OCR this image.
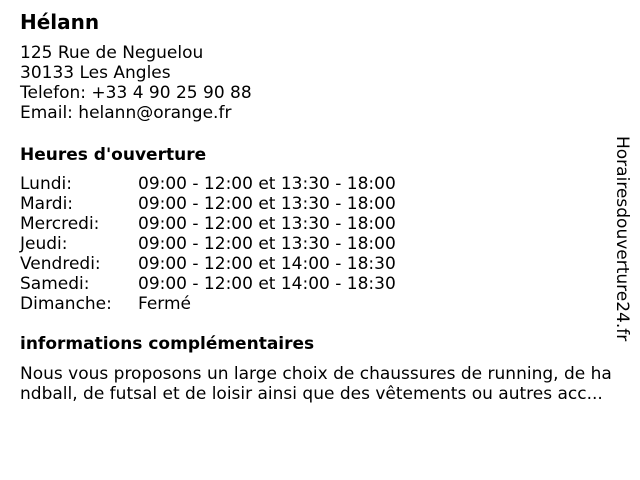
Hélann
125 Rue de Neguelou
30133 Les Angles
Telefon: +33 4 90 25 90 88
Email: helann@orange.fr
Heures d'ouverture
Lundi:	09:00 - 12:00 et 13:30 - 18:00
Mardi:	09:00 - 12:00 et 13:30 - 18:00
Mercredi: 09:00 - 12:00 et 13:30 - 18:00
Jeudi:	09:00 - 12:00 et 13:30 - 18:00
Vendredi: 09:00 - 12:00 et 14:00 - 18:30
Samedi:	09:00 - 12:00 et 14:00 - 18:30
Dimanche: Fermé
informations complémentaires
Nous vous proposons un large choix de chaussures de running, de handball, de futsal et de loisir ainsi que des vêtements ou autres acc...
Horairesdouverture24.fr
